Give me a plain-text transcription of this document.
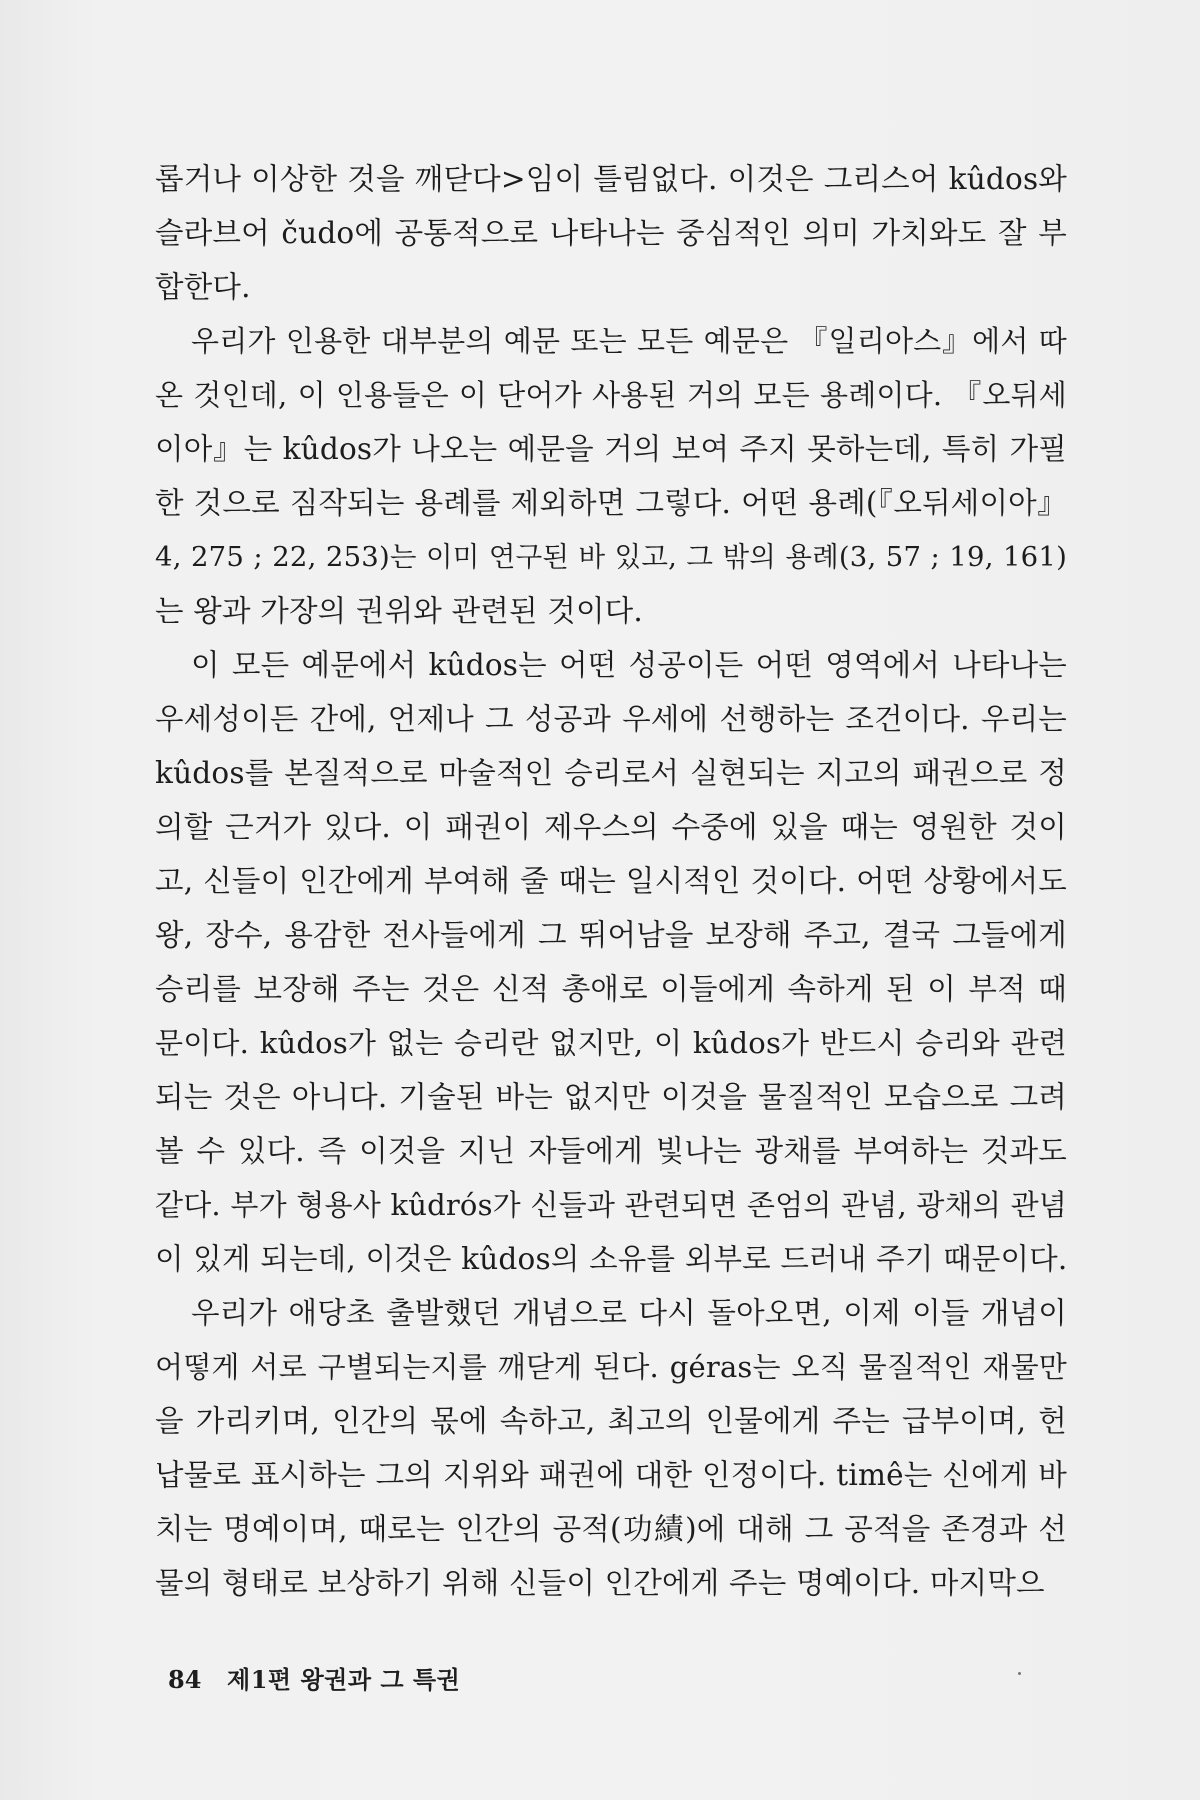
롭거나 이상한 것을 깨닫다>임이 틀림없다. 이것은 그리스어 kûdos와
슬라브어 čudo에 공통적으로 나타나는 중심적인 의미 가치와도 잘 부
합한다.
우리가 인용한 대부분의 예문 또는 모든 예문은 『일리아스』에서 따
온 것인데, 이 인용들은 이 단어가 사용된 거의 모든 용례이다. 『오뒤세
이아』는 kûdos가 나오는 예문을 거의 보여 주지 못하는데, 특히 가필
한 것으로 짐작되는 용례를 제외하면 그렇다. 어떤 용례(『오뒤세이아』
4, 275 ; 22, 253)는 이미 연구된 바 있고, 그 밖의 용례(3, 57 ; 19, 161)
는 왕과 가장의 권위와 관련된 것이다.
이 모든 예문에서 kûdos는 어떤 성공이든 어떤 영역에서 나타나는
우세성이든 간에, 언제나 그 성공과 우세에 선행하는 조건이다. 우리는
kûdos를 본질적으로 마술적인 승리로서 실현되는 지고의 패권으로 정
의할 근거가 있다. 이 패권이 제우스의 수중에 있을 때는 영원한 것이
고, 신들이 인간에게 부여해 줄 때는 일시적인 것이다. 어떤 상황에서도
왕, 장수, 용감한 전사들에게 그 뛰어남을 보장해 주고, 결국 그들에게
승리를 보장해 주는 것은 신적 총애로 이들에게 속하게 된 이 부적 때
문이다. kûdos가 없는 승리란 없지만, 이 kûdos가 반드시 승리와 관련
되는 것은 아니다. 기술된 바는 없지만 이것을 물질적인 모습으로 그려
볼 수 있다. 즉 이것을 지닌 자들에게 빛나는 광채를 부여하는 것과도
같다. 부가 형용사 kûdrós가 신들과 관련되면 존엄의 관념, 광채의 관념
이 있게 되는데, 이것은 kûdos의 소유를 외부로 드러내 주기 때문이다.
우리가 애당초 출발했던 개념으로 다시 돌아오면, 이제 이들 개념이
어떻게 서로 구별되는지를 깨닫게 된다. géras는 오직 물질적인 재물만
을 가리키며, 인간의 몫에 속하고, 최고의 인물에게 주는 급부이며, 헌
납물로 표시하는 그의 지위와 패권에 대한 인정이다. timê는 신에게 바
치는 명예이며, 때로는 인간의 공적(功績)에 대해 그 공적을 존경과 선
물의 형태로 보상하기 위해 신들이 인간에게 주는 명예이다. 마지막으
84 제1편 왕권과 그 특권
